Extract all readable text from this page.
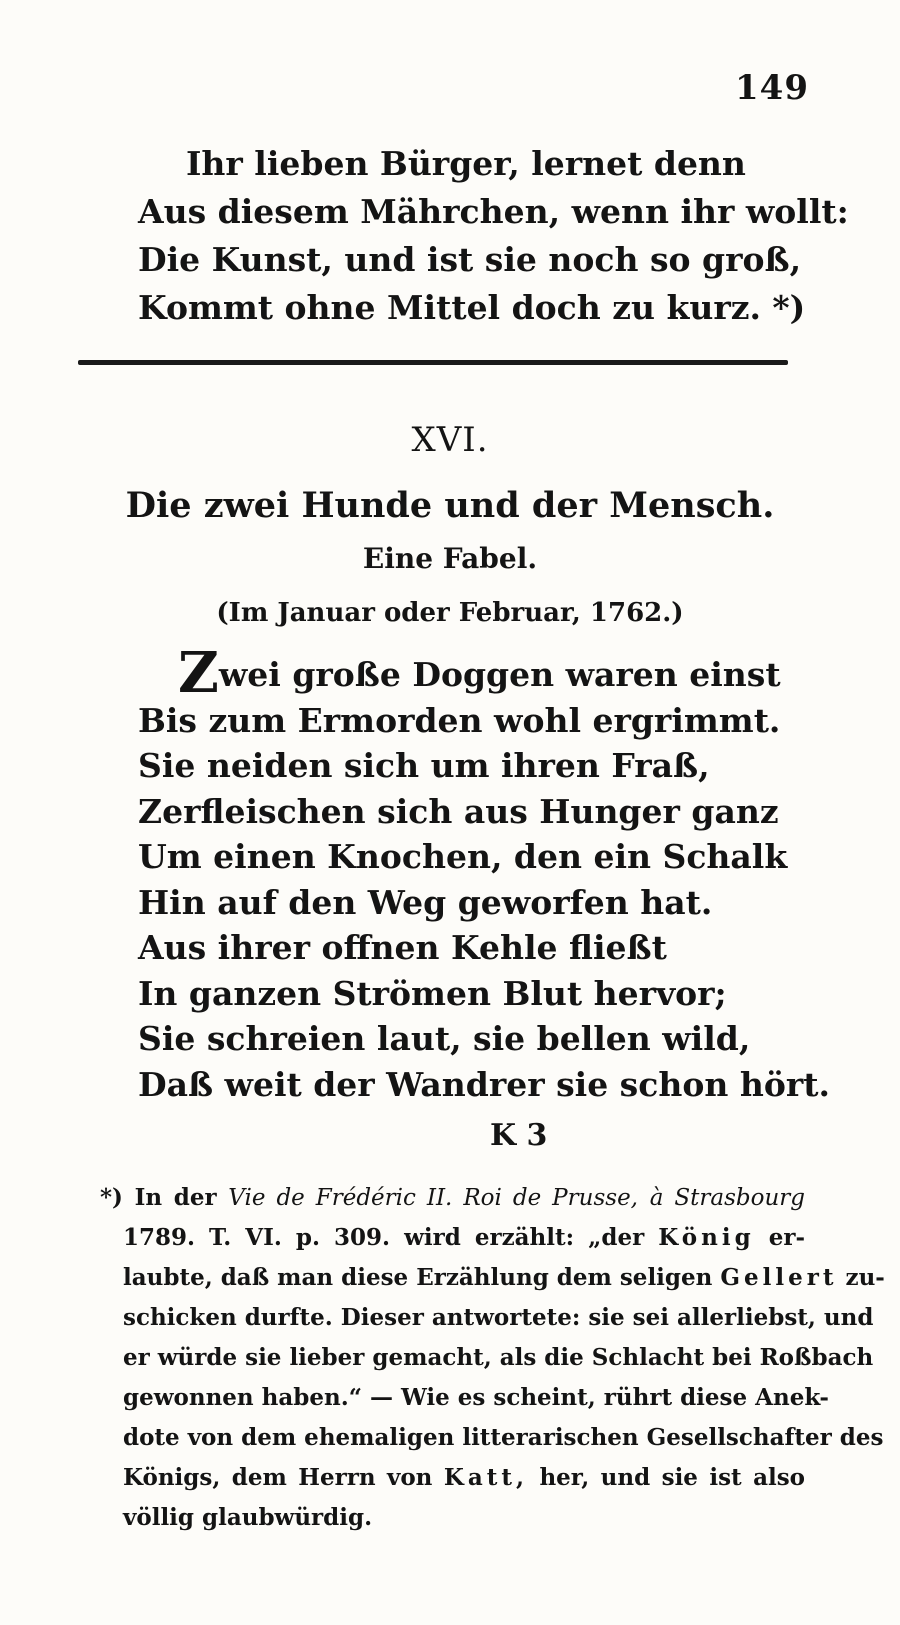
149
Ihr lieben Bürger, lernet denn
Aus diesem Mährchen, wenn ihr wollt:
Die Kunst, und ist sie noch so groß,
Kommt ohne Mittel doch zu kurz. *)
XVI.
Die zwei Hunde und der Mensch.
Eine Fabel.
(Im Januar oder Februar, 1762.)
Zwei große Doggen waren einst
Bis zum Ermorden wohl ergrimmt.
Sie neiden sich um ihren Fraß,
Zerfleischen sich aus Hunger ganz
Um einen Knochen, den ein Schalk
Hin auf den Weg geworfen hat.
Aus ihrer offnen Kehle fließt
In ganzen Strömen Blut hervor;
Sie schreien laut, sie bellen wild,
Daß weit der Wandrer sie schon hört.
K 3
*) In der Vie de Frédéric II. Roi de Prusse, à Strasbourg
1789. T. VI. p. 309. wird erzählt: „der König er-
laubte, daß man diese Erzählung dem seligen Gellert zu-
schicken durfte. Dieser antwortete: sie sei allerliebst, und
er würde sie lieber gemacht, als die Schlacht bei Roßbach
gewonnen haben.“ — Wie es scheint, rührt diese Anek-
dote von dem ehemaligen litterarischen Gesellschafter des
Königs, dem Herrn von Katt, her, und sie ist also
völlig glaubwürdig.
